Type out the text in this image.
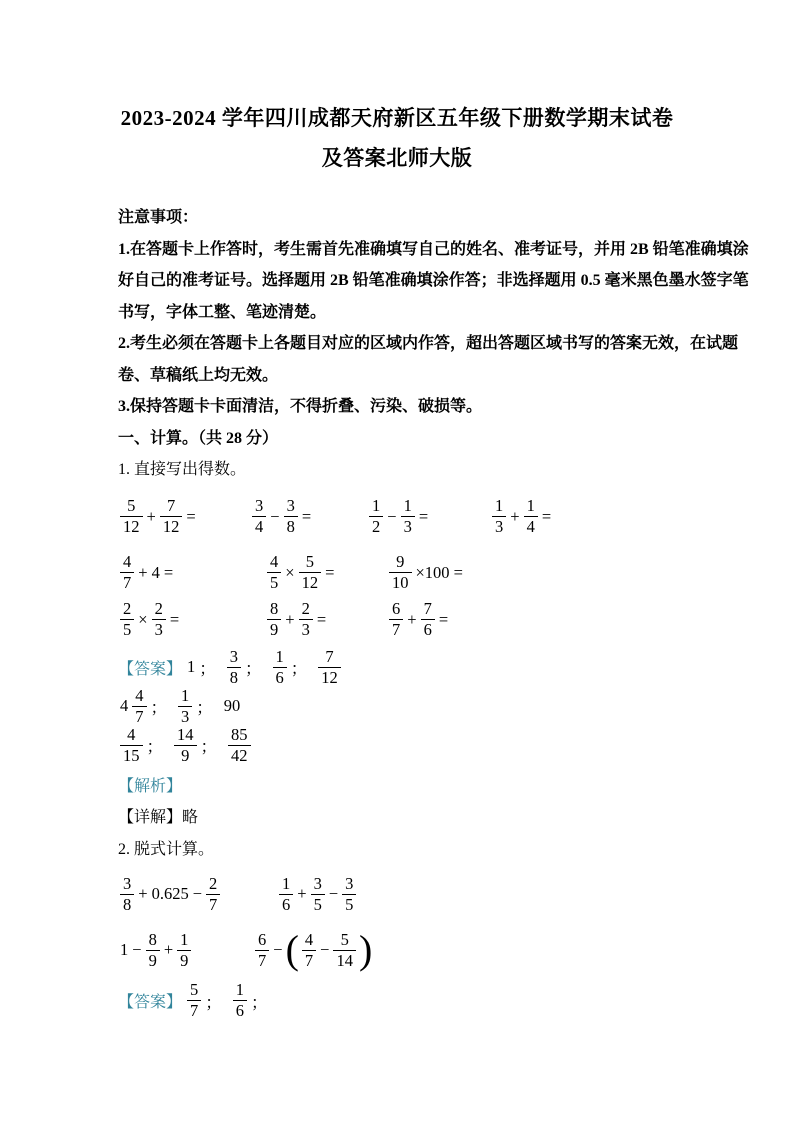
2023-2024 学年四川成都天府新区五年级下册数学期末试卷
及答案北师大版

注意事项：

1.在答题卡上作答时，考生需首先准确填写自己的姓名、准考证号，并用 2B 铅笔准确填涂

好自己的准考证号。选择题用 2B 铅笔准确填涂作答；非选择题用 0.5 毫米黑色墨水签字笔

书写，字体工整、笔迹清楚。

2.考生必须在答题卡上各题目对应的区域内作答，超出答题区域书写的答案无效，在试题

卷、草稿纸上均无效。

3.保持答题卡卡面清洁，不得折叠、污染、破损等。

一、计算。（共 28 分）

1. 直接写出得数。

$\frac{5}{12} + \frac{7}{12}$ =	$\frac{3}{4} - \frac{3}{8}$ =	$\frac{1}{2} - \frac{1}{3}$ =	$\frac{1}{3} + \frac{1}{4}$ =
$\frac{4}{7} + 4$ =	$\frac{4}{5} \times \frac{5}{12}$ =	$\frac{9}{10} \times 100$ =
$\frac{2}{5} \times \frac{2}{3}$ =	$\frac{8}{9} + \frac{2}{3}$ =	$\frac{6}{7} + \frac{7}{6}$ =
【答案】 1 ； $\frac{3}{8}$ ； $\frac{1}{6}$ ； $\frac{7}{12}$
$4 \frac{4}{7}$ ； $\frac{1}{3}$ ； 90
$\frac{4}{15}$ ； $\frac{14}{9}$ ； $\frac{85}{42}$

【解析】

【详解】略

2. 脱式计算。

$\frac{3}{8} + 0.625 - \frac{2}{7}$	$\frac{1}{6} + \frac{3}{5} - \frac{3}{5}$
$1 - \frac{8}{9} + \frac{1}{9}$	$\frac{6}{7}$ − ( $\frac{4}{7} - \frac{5}{14}$ )
【答案】 $\frac{5}{7}$ ； $\frac{1}{6}$ ；
